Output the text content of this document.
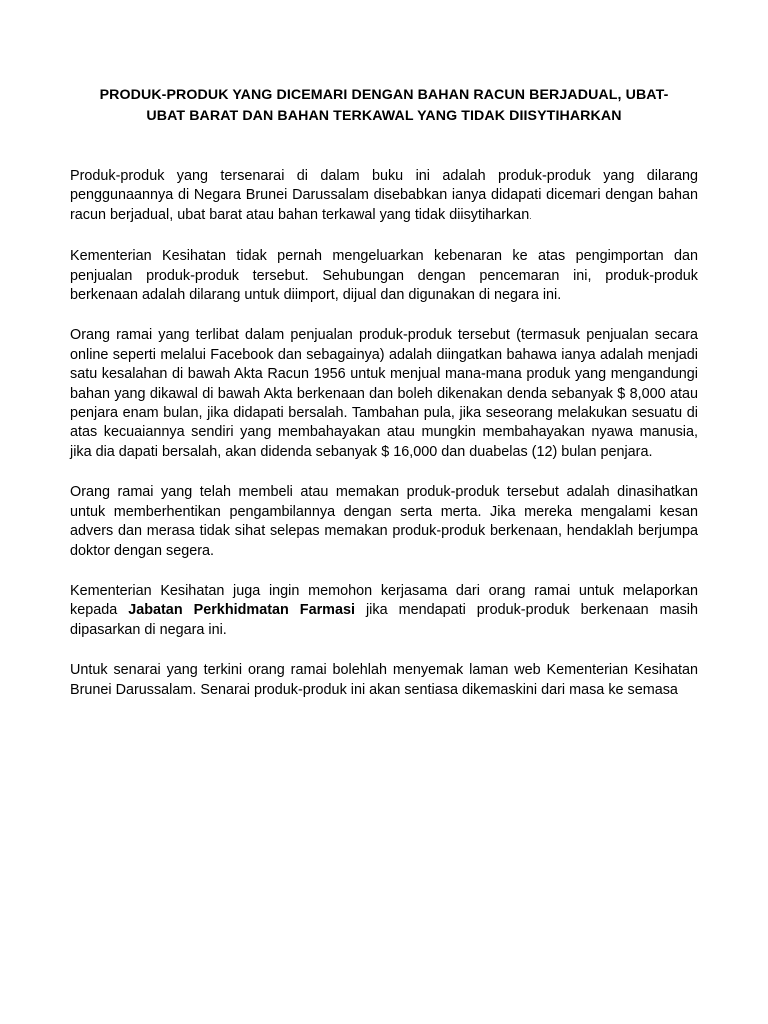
PRODUK-PRODUK YANG DICEMARI DENGAN BAHAN RACUN BERJADUAL, UBAT-
UBAT BARAT DAN BAHAN TERKAWAL YANG TIDAK DIISYTIHARKAN

Produk-produk yang tersenarai di dalam buku ini adalah produk-produk yang dilarang penggunaannya di Negara Brunei Darussalam disebabkan ianya didapati dicemari dengan bahan racun berjadual, ubat barat atau bahan terkawal yang tidak diisytiharkan.

Kementerian Kesihatan tidak pernah mengeluarkan kebenaran ke atas pengimportan dan penjualan produk-produk tersebut. Sehubungan dengan pencemaran ini, produk-produk berkenaan adalah dilarang untuk diimport, dijual dan digunakan di negara ini.

Orang ramai yang terlibat dalam penjualan produk-produk tersebut (termasuk penjualan secara online seperti melalui Facebook dan sebagainya) adalah diingatkan bahawa ianya adalah menjadi satu kesalahan di bawah Akta Racun 1956 untuk menjual mana-mana produk yang mengandungi bahan yang dikawal di bawah Akta berkenaan dan boleh dikenakan denda sebanyak $ 8,000 atau penjara enam bulan, jika didapati bersalah. Tambahan pula, jika seseorang melakukan sesuatu di atas kecuaiannya sendiri yang membahayakan atau mungkin membahayakan nyawa manusia, jika dia dapati bersalah, akan didenda sebanyak $ 16,000 dan duabelas (12) bulan penjara.

Orang ramai yang telah membeli atau memakan produk-produk tersebut adalah dinasihatkan untuk memberhentikan pengambilannya dengan serta merta. Jika mereka mengalami kesan advers dan merasa tidak sihat selepas memakan produk-produk berkenaan, hendaklah berjumpa doktor dengan segera.

Kementerian Kesihatan juga ingin memohon kerjasama dari orang ramai untuk melaporkan kepada Jabatan Perkhidmatan Farmasi jika mendapati produk-produk berkenaan masih dipasarkan di negara ini.

Untuk senarai yang terkini orang ramai bolehlah menyemak laman web Kementerian Kesihatan Brunei Darussalam. Senarai produk-produk ini akan sentiasa dikemaskini dari masa ke semasa
